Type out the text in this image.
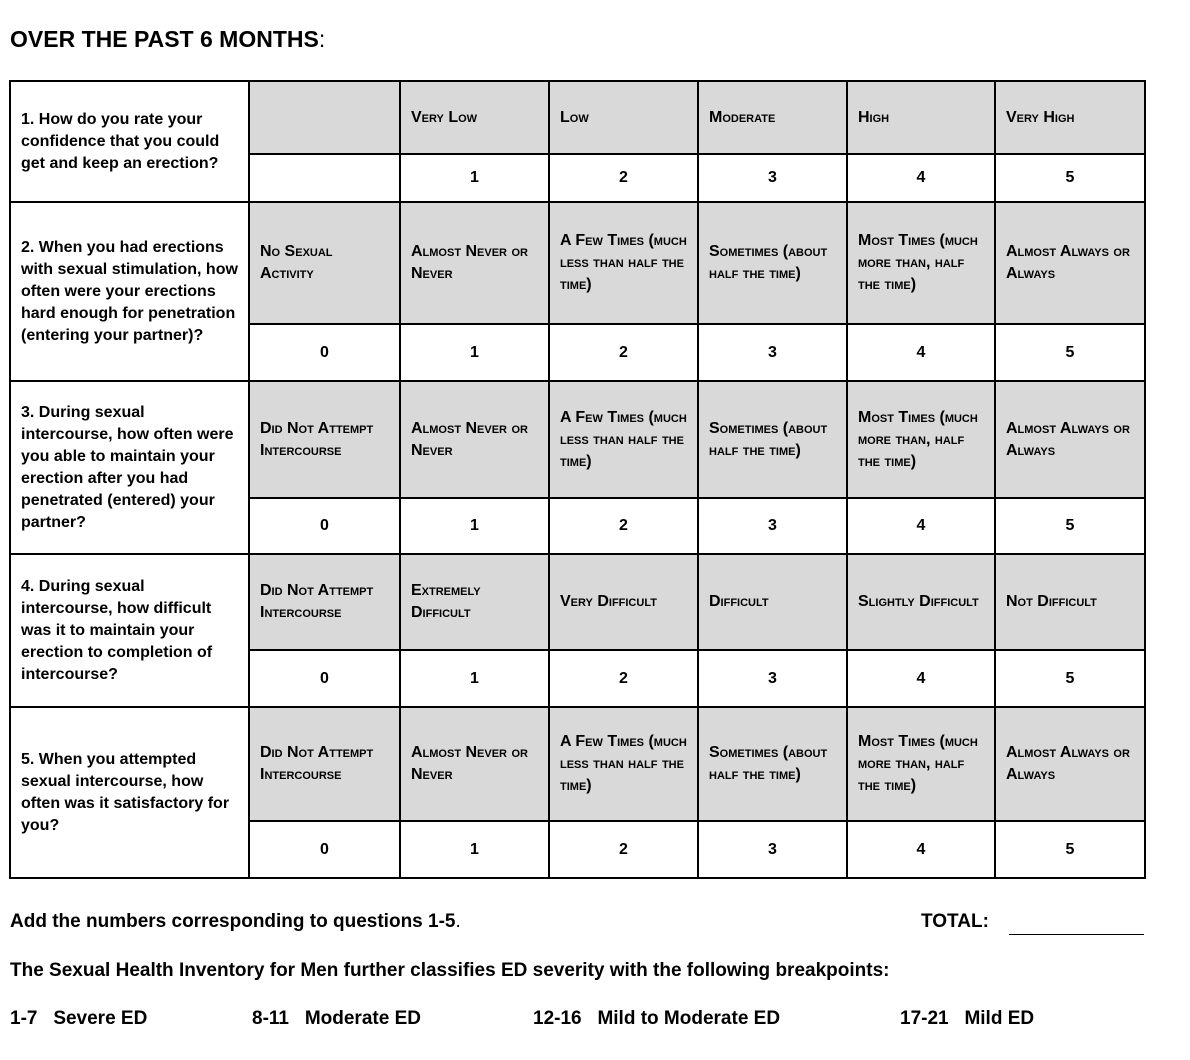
OVER THE PAST 6 MONTHS:
1. How do you rate your confidence that you could get and keep an erection?		Very Low	Low	Moderate	High	Very High
		1	2	3	4	5
2. When you had erections with sexual stimulation, how often were your erections hard enough for penetration (entering your partner)?	No Sexual Activity	Almost Never or Never	A Few Times (much less than half the time)	Sometimes (about half the time)	Most Times (much more than, half the time)	Almost Always or Always
	0	1	2	3	4	5
3. During sexual intercourse, how often were you able to maintain your erection after you had penetrated (entered) your partner?	Did Not Attempt Intercourse	Almost Never or Never	A Few Times (much less than half the time)	Sometimes (about half the time)	Most Times (much more than, half the time)	Almost Always or Always
	0	1	2	3	4	5
4. During sexual intercourse, how difficult was it to maintain your erection to completion of intercourse?	Did Not Attempt Intercourse	Extremely Difficult	Very Difficult	Difficult	Slightly Difficult	Not Difficult
	0	1	2	3	4	5
5. When you attempted sexual intercourse, how often was it satisfactory for you?	Did Not Attempt Intercourse	Almost Never or Never	A Few Times (much less than half the time)	Sometimes (about half the time)	Most Times (much more than, half the time)	Almost Always or Always
	0	1	2	3	4	5
Add the numbers corresponding to questions 1-5.	TOTAL:
The Sexual Health Inventory for Men further classifies ED severity with the following breakpoints:
1-7 Severe ED	8-11 Moderate ED	12-16 Mild to Moderate ED	17-21 Mild ED
